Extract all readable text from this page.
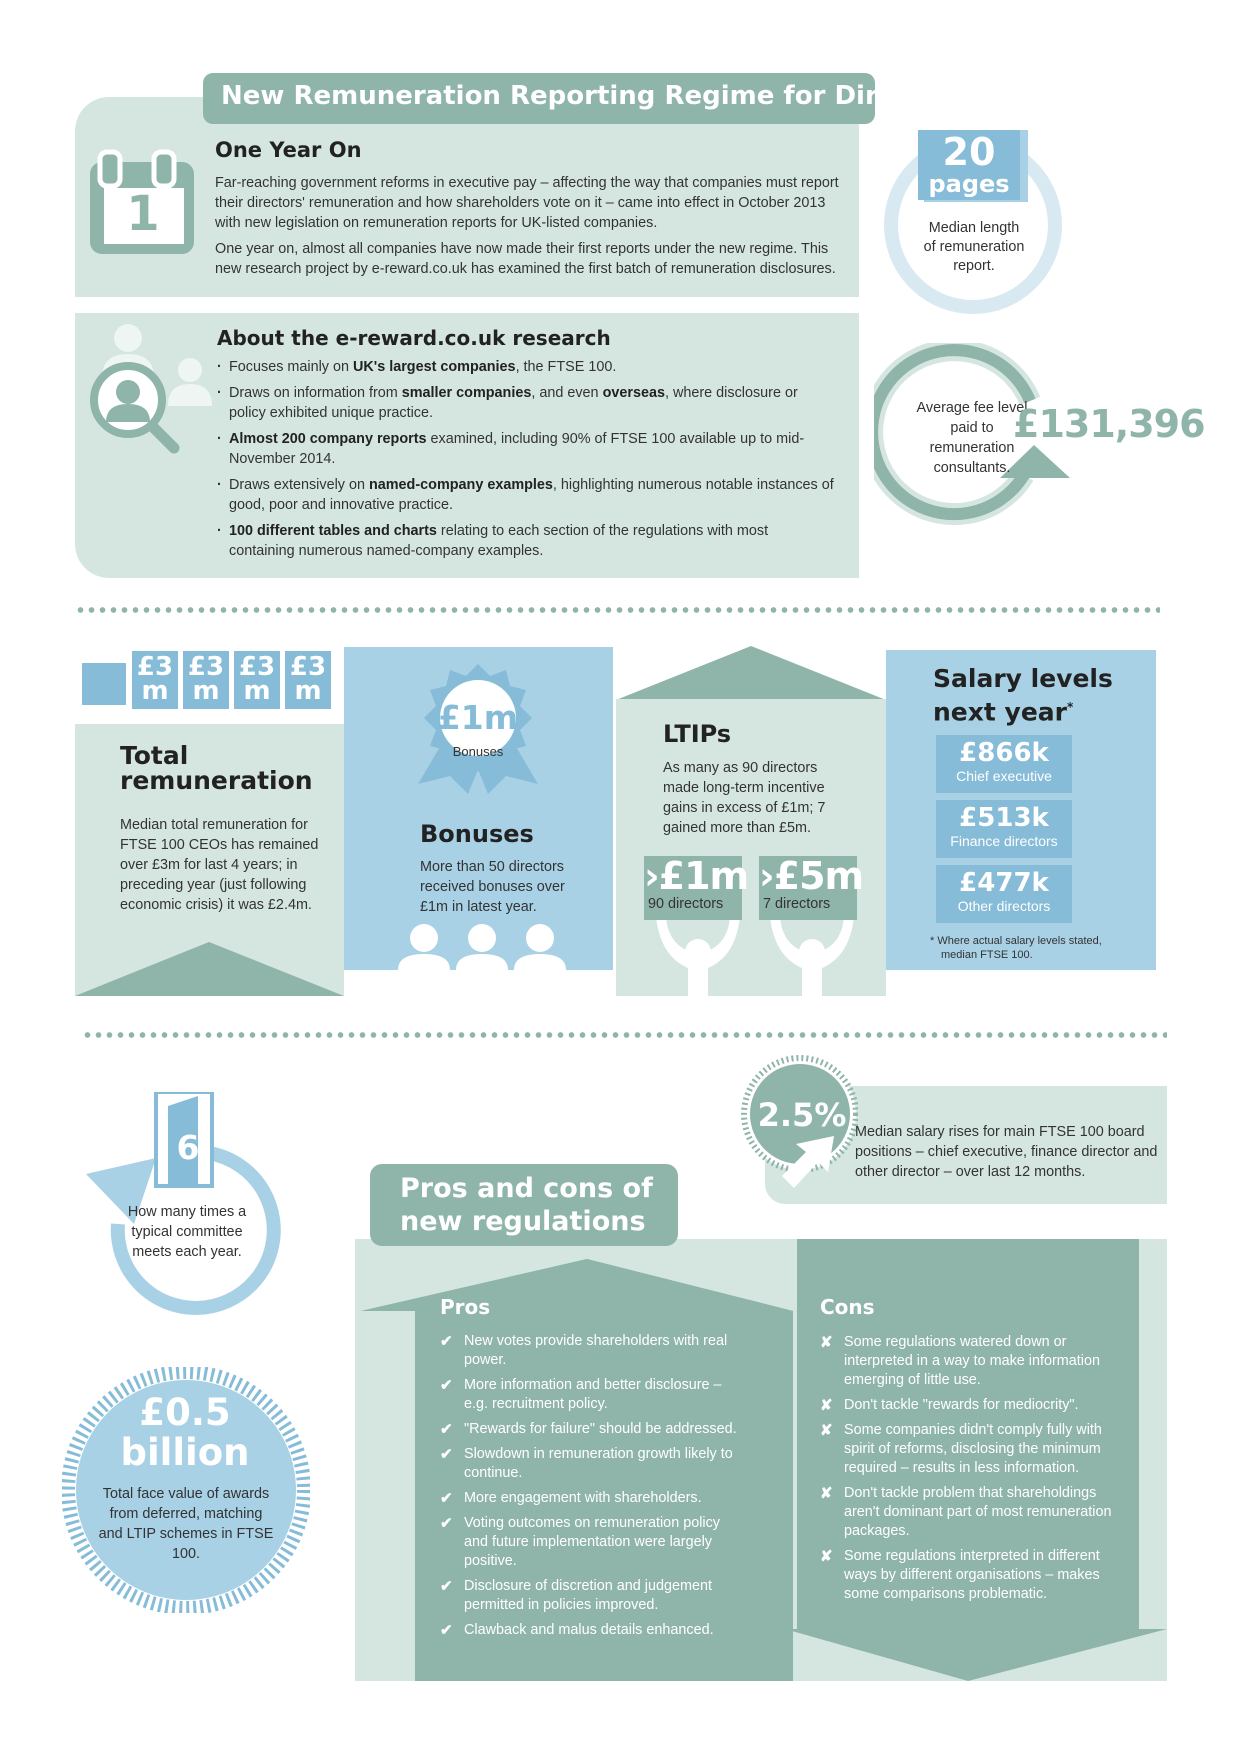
New Remuneration Reporting Regime for Directors
1
One Year On
Far-reaching government reforms in executive pay – affecting the way that companies must report their directors' remuneration and how shareholders vote on it – came into effect in October 2013 with new legislation on remuneration reports for UK-listed companies.
One year on, almost all companies have now made their first reports under the new regime. This new research project by e-reward.co.uk has examined the first batch of remuneration disclosures.
About the e-reward.co.uk research
· Focuses mainly on UK's largest companies, the FTSE 100.
· Draws on information from smaller companies, and even overseas, where disclosure or policy exhibited unique practice.
· Almost 200 company reports examined, including 90% of FTSE 100 available up to mid-November 2014.
· Draws extensively on named-company examples, highlighting numerous notable instances of good, poor and innovative practice.
· 100 different tables and charts relating to each section of the regulations with most containing numerous named-company examples.
20
pages
Median length
of remuneration
report.
Average fee level paid to remuneration consultants.
£131,396
£3 m
£3 m
£3 m
£3 m
Total
remuneration
Median total remuneration for FTSE 100 CEOs has remained over £3m for last 4 years; in preceding year (just following economic crisis) it was £2.4m.
£1m
Bonuses
Bonuses
More than 50 directors received bonuses over £1m in latest year.
LTIPs
As many as 90 directors made long-term incentive gains in excess of £1m; 7 gained more than £5m.
›£1m
90 directors
›£5m
7 directors
Salary levels
next year*
£866k
Chief executive
£513k
Finance directors
£477k
Other directors
* Where actual salary levels stated,
median FTSE 100.
2.5% Median salary rises for main FTSE 100 board positions – chief executive, finance director and other director – over last 12 months.
6
How many times a typical committee meets each year.
£0.5
billion
Total face value of awards from deferred, matching and LTIP schemes in FTSE 100.
Pros and cons of
new regulations
Pros	Cons
✔ New votes provide shareholders with real power.
✔ More information and better disclosure – e.g. recruitment policy.
✔ "Rewards for failure" should be addressed.
✔ Slowdown in remuneration growth likely to continue.
✔ More engagement with shareholders.
✔ Voting outcomes on remuneration policy and future implementation were largely positive.
✔ Disclosure of discretion and judgement permitted in policies improved.
✔ Clawback and malus details enhanced.
✘ Some regulations watered down or interpreted in a way to make information emerging of little use.
✘ Don't tackle "rewards for mediocrity".
✘ Some companies didn't comply fully with spirit of reforms, disclosing the minimum required – results in less information.
✘ Don't tackle problem that shareholdings aren't dominant part of most remuneration packages.
✘ Some regulations interpreted in different ways by different organisations – makes some comparisons problematic.
